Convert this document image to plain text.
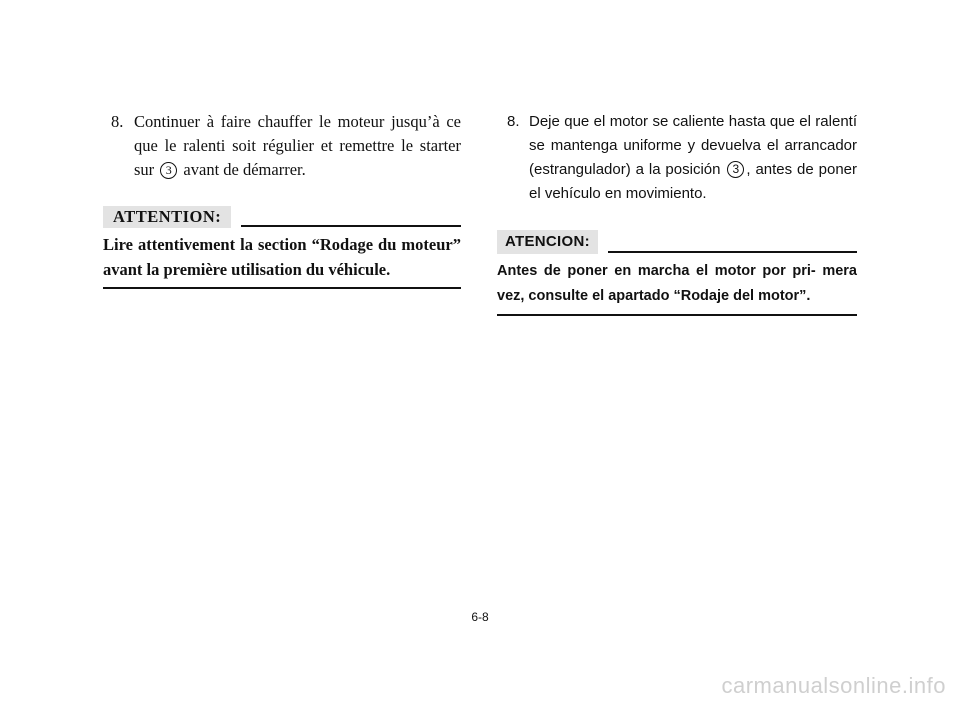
8. Continuer à faire chauffer le moteur jusqu’à ce que le ralenti soit régulier et remettre le starter sur 3 avant de démarrer.
ATTENTION:
Lire attentivement la section “Rodage du moteur” avant la première utilisation du véhicule.
8. Deje que el motor se caliente hasta que el ralentí se mantenga uniforme y devuelva el arrancador (estrangulador) a la posición 3 , antes de poner el vehículo en movimiento.
ATENCION:
Antes de poner en marcha el motor por pri- mera vez, consulte el apartado “Rodaje del motor”.
6-8
carmanualsonline.info
